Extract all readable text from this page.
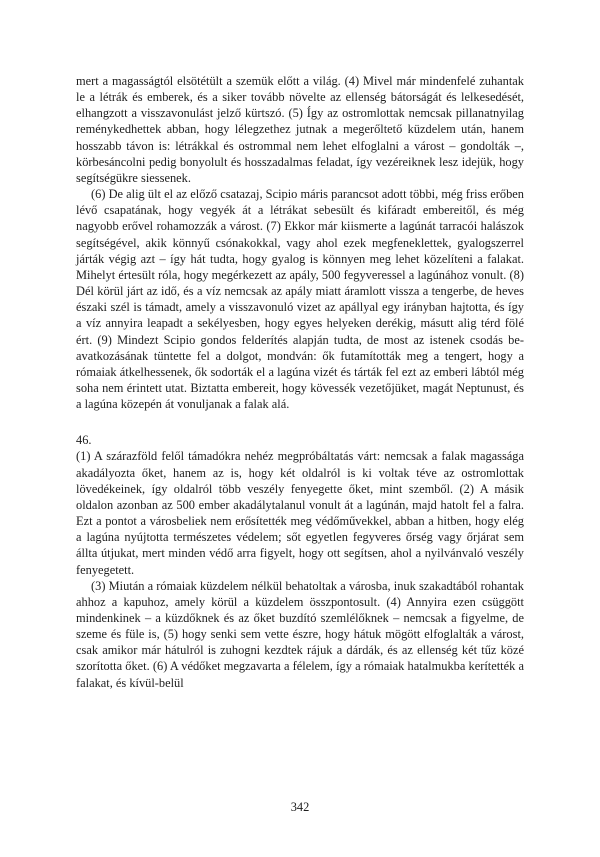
mert a magasságtól elsötétült a szemük előtt a világ. (4) Mivel már mindenfelé zuhantak le a létrák és emberek, és a siker tovább növelte az ellenség bátorságát és lelkesedését, elhangzott a visszavonulást jelző kürtszó. (5) Így az ostromlottak nemcsak pillanatnyilag reménykedhettek abban, hogy lélegzethez jutnak a megerőltető küzdelem után, hanem hosszabb távon is: létrákkal és ostrommal nem lehet elfoglalni a várost – gondolták –, körbesáncolni pedig bonyolult és hosszadalmas feladat, így vezéreiknek lesz idejük, hogy segítségükre siessenek.

(6) De alig ült el az előző csatazaj, Scipio máris parancsot adott többi, még friss erőben lévő csapatának, hogy vegyék át a létrákat sebesült és kifáradt embereitől, és még nagyobb erővel rohamozzák a várost. (7) Ekkor már kiismerte a lagúnát tarracói halászok segítségével, akik könnyű csónakokkal, vagy ahol ezek megfeneklettek, gyalogszerrel járták végig azt – így hát tudta, hogy gyalog is könnyen meg lehet közelíteni a falakat. Mihelyt értesült róla, hogy megérkezett az apály, 500 fegyveressel a lagúnához vonult. (8) Dél körül járt az idő, és a víz nemcsak az apály miatt áramlott vissza a tengerbe, de heves északi szél is támadt, amely a visszavonuló vizet az apállyal egy irányban hajtotta, és így a víz annyira leapadt a sekélyesben, hogy egyes helyeken derékig, másutt alig térd fölé ért. (9) Mindezt Scipio gondos felderítés alapján tudta, de most az istenek csodás beavatkozásának tüntette fel a dolgot, mondván: ők futamították meg a tengert, hogy a rómaiak átkelhessenek, ők sodorták el a lagúna vizét és tárták fel ezt az emberi lábtól még soha nem érintett utat. Biztatta embereit, hogy kövessék vezetőjüket, magát Neptunust, és a lagúna közepén át vonuljanak a falak alá.

46.

(1) A szárazföld felől támadókra nehéz megpróbáltatás várt: nemcsak a falak magassága akadályozta őket, hanem az is, hogy két oldalról is ki voltak téve az ostromlottak lövedékeinek, így oldalról több veszély fenyegette őket, mint szemből. (2) A másik oldalon azonban az 500 ember akadálytalanul vonult át a lagúnán, majd hatolt fel a falra. Ezt a pontot a városbeliek nem erősítették meg védőművekkel, abban a hitben, hogy elég a lagúna nyújtotta természetes védelem; sőt egyetlen fegyveres őrség vagy őrjárat sem állta útjukat, mert minden védő arra figyelt, hogy ott segítsen, ahol a nyilvánvaló veszély fenyegetett.

(3) Miután a rómaiak küzdelem nélkül behatoltak a városba, inuk szakadtából rohantak ahhoz a kapuhoz, amely körül a küzdelem összpontosult. (4) Annyira ezen csüggött mindenkinek – a küzdőknek és az őket buzdító szemlélőknek – nemcsak a figyelme, de szeme és füle is, (5) hogy senki sem vette észre, hogy hátuk mögött elfoglalták a várost, csak amikor már hátulról is zuhogni kezdtek rájuk a dárdák, és az ellenség két tűz közé szorította őket. (6) A védőket megzavarta a félelem, így a rómaiak hatalmukba kerítették a falakat, és kívül-belül

342
